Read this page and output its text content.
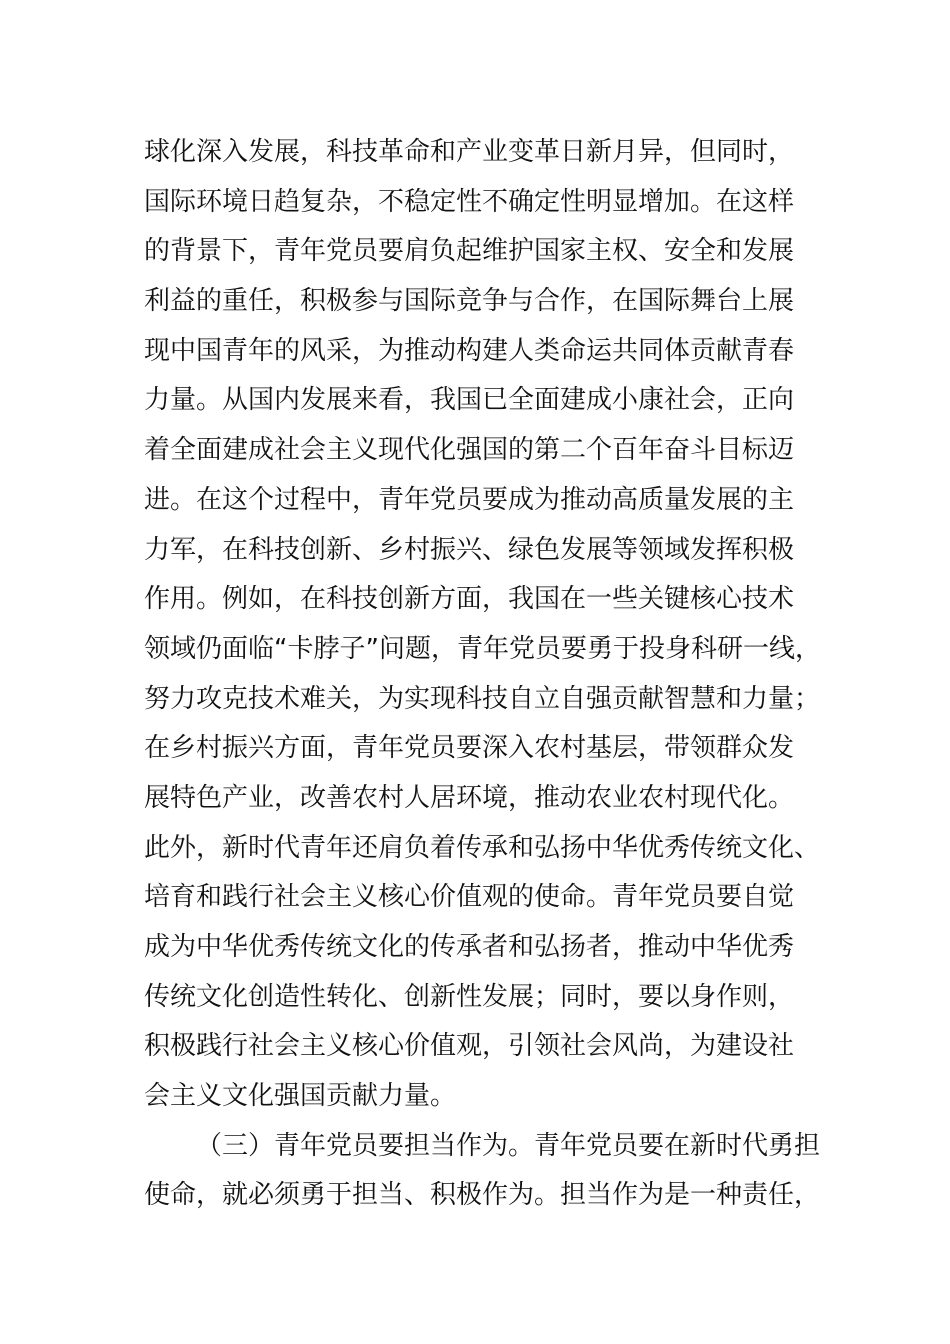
球化深入发展，科技革命和产业变革日新月异，但同时，
国际环境日趋复杂，不稳定性不确定性明显增加。在这样
的背景下，青年党员要肩负起维护国家主权、安全和发展
利益的重任，积极参与国际竞争与合作，在国际舞台上展
现中国青年的风采，为推动构建人类命运共同体贡献青春
力量。从国内发展来看，我国已全面建成小康社会，正向
着全面建成社会主义现代化强国的第二个百年奋斗目标迈
进。在这个过程中，青年党员要成为推动高质量发展的主
力军，在科技创新、乡村振兴、绿色发展等领域发挥积极
作用。例如，在科技创新方面，我国在一些关键核心技术
领域仍面临“卡脖子”问题，青年党员要勇于投身科研一线，
努力攻克技术难关，为实现科技自立自强贡献智慧和力量；
在乡村振兴方面，青年党员要深入农村基层，带领群众发
展特色产业，改善农村人居环境，推动农业农村现代化。
此外，新时代青年还肩负着传承和弘扬中华优秀传统文化、
培育和践行社会主义核心价值观的使命。青年党员要自觉
成为中华优秀传统文化的传承者和弘扬者，推动中华优秀
传统文化创造性转化、创新性发展；同时，要以身作则，
积极践行社会主义核心价值观，引领社会风尚，为建设社
会主义文化强国贡献力量。
（三）青年党员要担当作为。青年党员要在新时代勇担
使命，就必须勇于担当、积极作为。担当作为是一种责任，
